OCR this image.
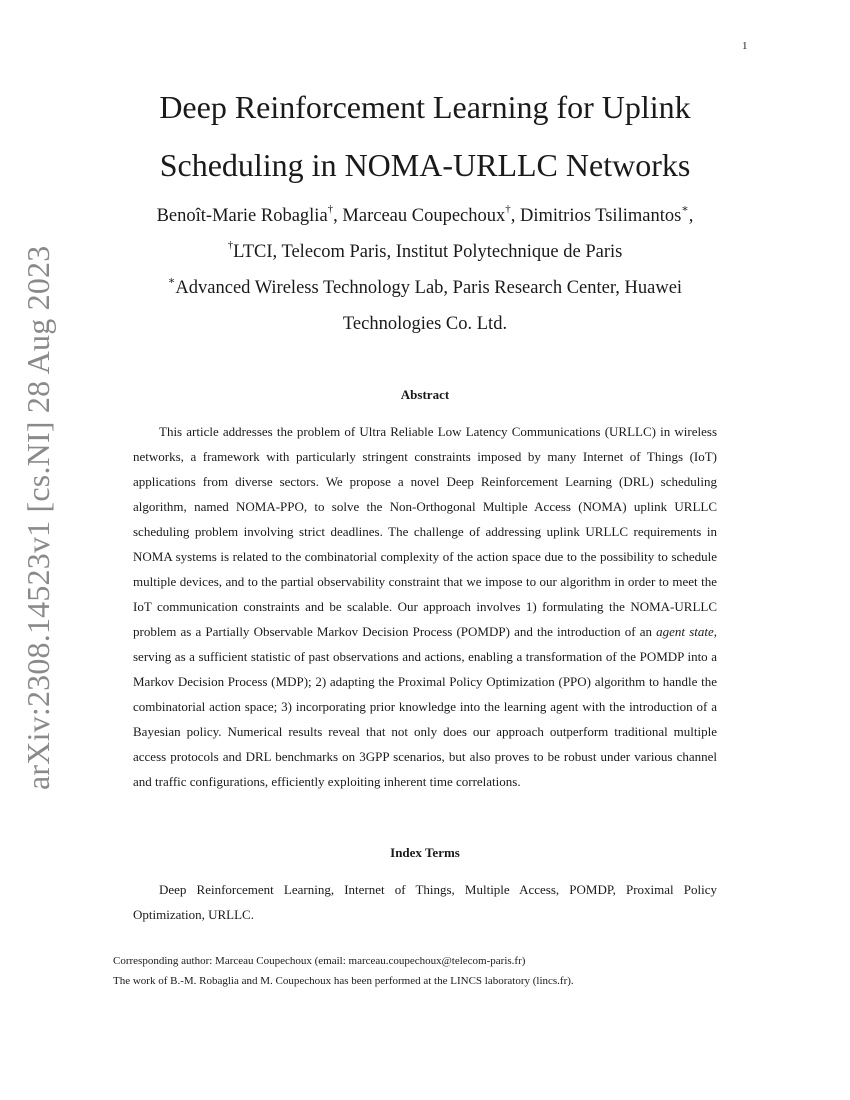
1
arXiv:2308.14523v1 [cs.NI] 28 Aug 2023
Deep Reinforcement Learning for Uplink
Scheduling in NOMA-URLLC Networks
Benoît-Marie Robaglia†, Marceau Coupechoux†, Dimitrios Tsilimantos∗,
†LTCI, Telecom Paris, Institut Polytechnique de Paris
∗Advanced Wireless Technology Lab, Paris Research Center, Huawei
Technologies Co. Ltd.
Abstract

This article addresses the problem of Ultra Reliable Low Latency Communications (URLLC) in wireless networks, a framework with particularly stringent constraints imposed by many Internet of Things (IoT) applications from diverse sectors. We propose a novel Deep Reinforcement Learning (DRL) scheduling algorithm, named NOMA-PPO, to solve the Non-Orthogonal Multiple Access (NOMA) uplink URLLC scheduling problem involving strict deadlines. The challenge of addressing uplink URLLC requirements in NOMA systems is related to the combinatorial complexity of the action space due to the possibility to schedule multiple devices, and to the partial observability constraint that we impose to our algorithm in order to meet the IoT communication constraints and be scalable. Our approach involves 1) formulating the NOMA-URLLC problem as a Partially Observable Markov Decision Process (POMDP) and the introduction of an agent state, serving as a sufficient statistic of past observations and actions, enabling a transformation of the POMDP into a Markov Decision Process (MDP); 2) adapting the Proximal Policy Optimization (PPO) algorithm to handle the combinatorial action space; 3) incorporating prior knowledge into the learning agent with the introduction of a Bayesian policy. Numerical results reveal that not only does our approach outperform traditional multiple access protocols and DRL benchmarks on 3GPP scenarios, but also proves to be robust under various channel and traffic configurations, efficiently exploiting inherent time correlations.

Index Terms

Deep Reinforcement Learning, Internet of Things, Multiple Access, POMDP, Proximal Policy Optimization, URLLC.

Corresponding author: Marceau Coupechoux (email: marceau.coupechoux@telecom-paris.fr)
The work of B.-M. Robaglia and M. Coupechoux has been performed at the LINCS laboratory (lincs.fr).
